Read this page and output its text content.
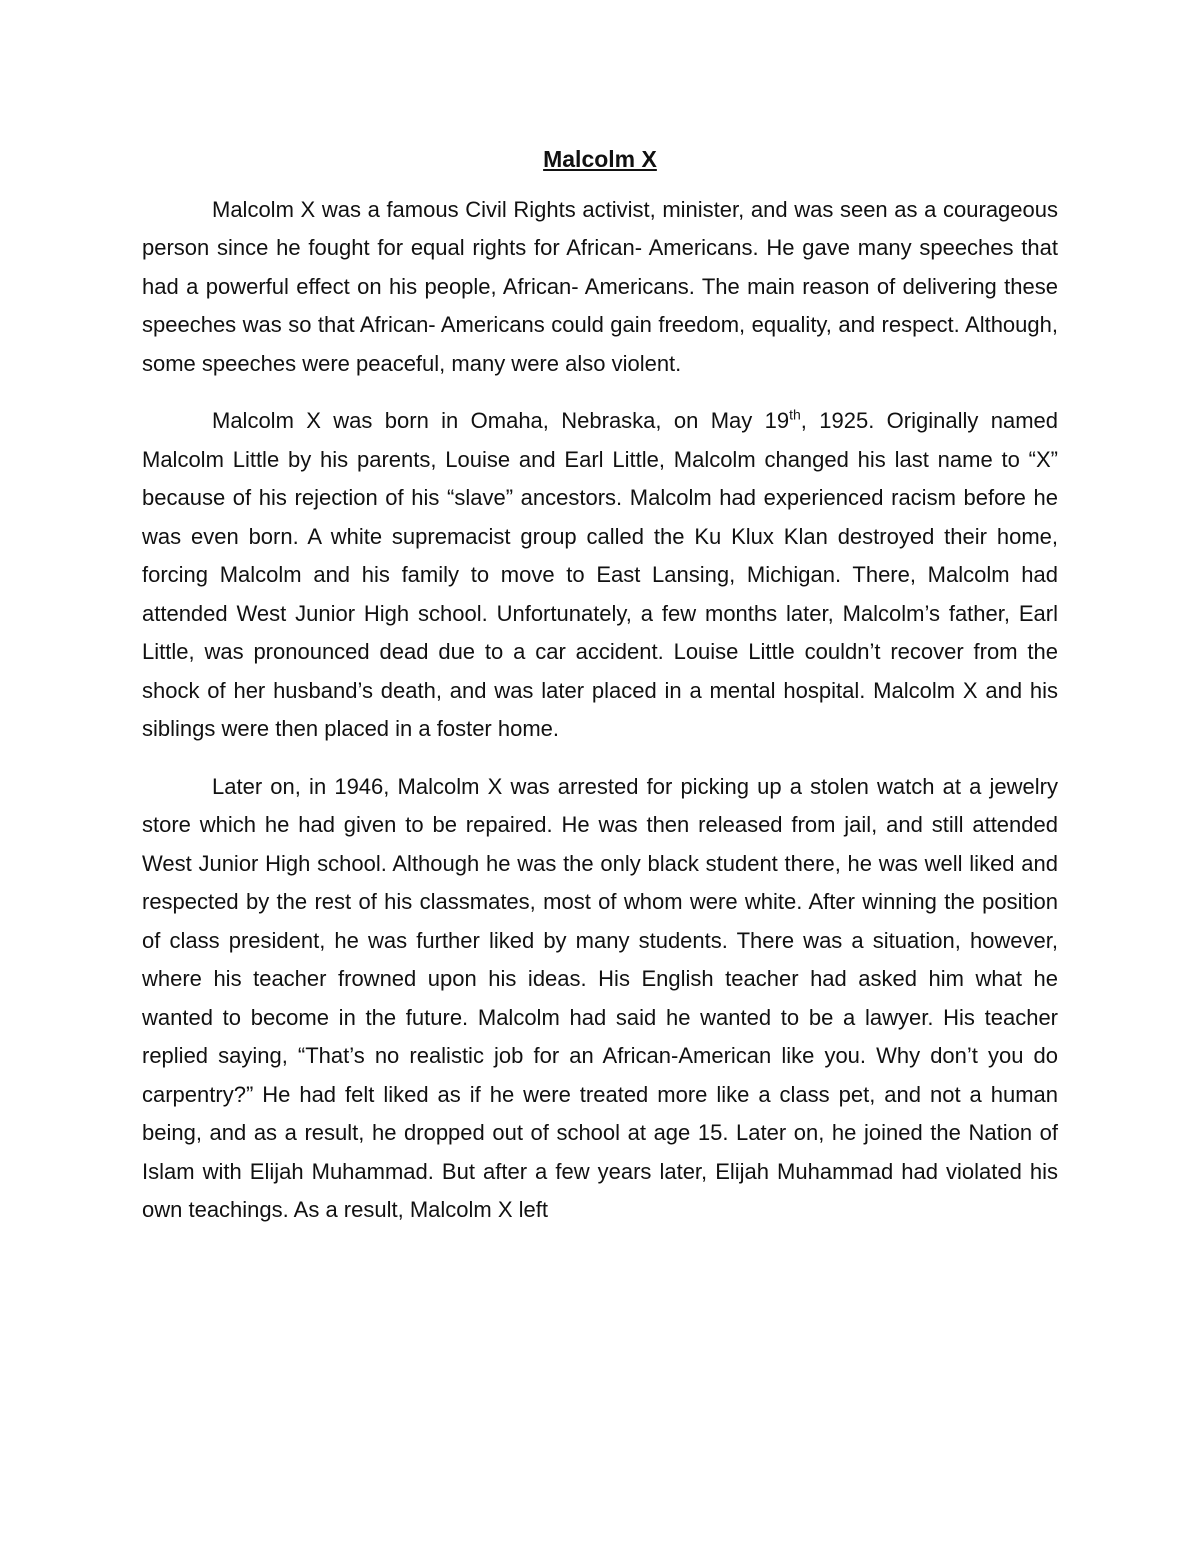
Malcolm X

Malcolm X was a famous Civil Rights activist, minister, and was seen as a courageous person since he fought for equal rights for African- Americans. He gave many speeches that had a powerful effect on his people, African- Americans. The main reason of delivering these speeches was so that African- Americans could gain freedom, equality, and respect. Although, some speeches were peaceful, many were also violent.

Malcolm X was born in Omaha, Nebraska, on May 19th, 1925. Originally named Malcolm Little by his parents, Louise and Earl Little, Malcolm changed his last name to “X” because of his rejection of his “slave” ancestors. Malcolm had experienced racism before he was even born. A white supremacist group called the Ku Klux Klan destroyed their home, forcing Malcolm and his family to move to East Lansing, Michigan. There, Malcolm had attended West Junior High school. Unfortunately, a few months later, Malcolm’s father, Earl Little, was pronounced dead due to a car accident. Louise Little couldn’t recover from the shock of her husband’s death, and was later placed in a mental hospital. Malcolm X and his siblings were then placed in a foster home.

Later on, in 1946, Malcolm X was arrested for picking up a stolen watch at a jewelry store which he had given to be repaired. He was then released from jail, and still attended West Junior High school. Although he was the only black student there, he was well liked and respected by the rest of his classmates, most of whom were white. After winning the position of class president, he was further liked by many students. There was a situation, however, where his teacher frowned upon his ideas. His English teacher had asked him what he wanted to become in the future. Malcolm had said he wanted to be a lawyer. His teacher replied saying, “That’s no realistic job for an African-American like you. Why don’t you do carpentry?” He had felt liked as if he were treated more like a class pet, and not a human being, and as a result, he dropped out of school at age 15. Later on, he joined the Nation of Islam with Elijah Muhammad. But after a few years later, Elijah Muhammad had violated his own teachings. As a result, Malcolm X left
